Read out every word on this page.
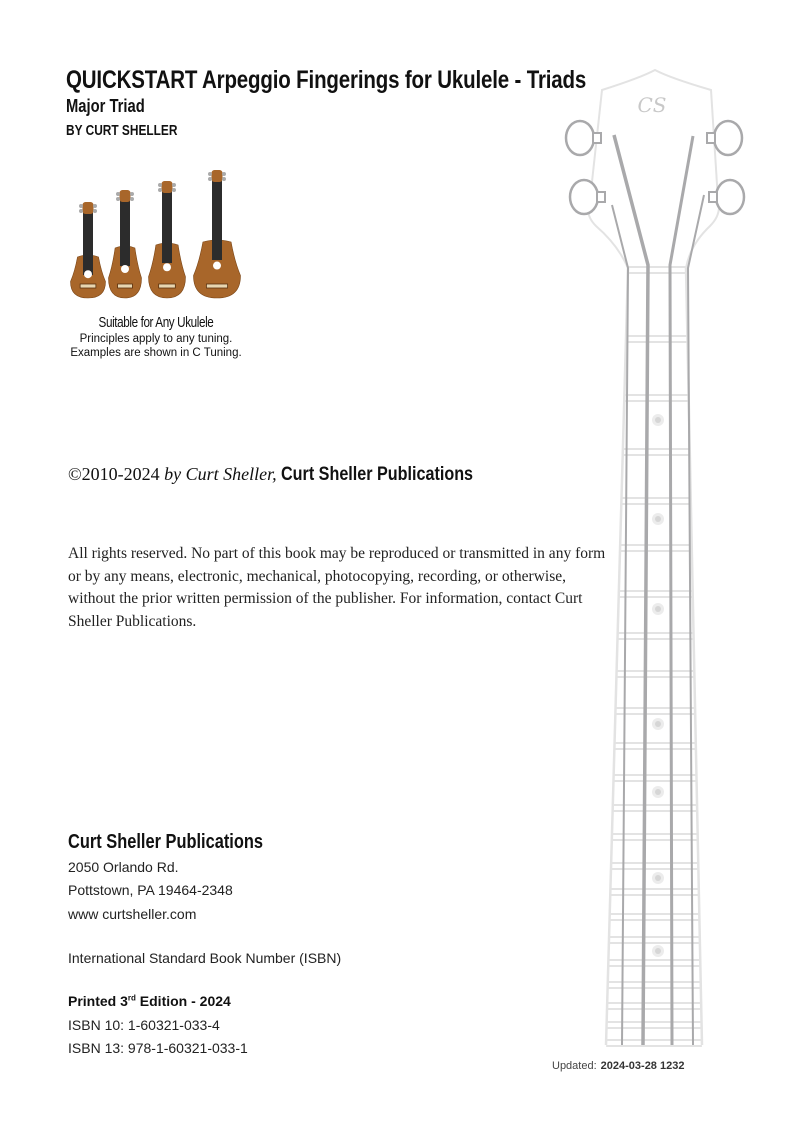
QUICKSTART Arpeggio Fingerings for Ukulele - Triads
Major Triad
BY CURT SHELLER
Suitable for Any Ukulele
Principles apply to any tuning.
Examples are shown in C Tuning.
©2010-2024 by Curt Sheller, Curt Sheller Publications
All rights reserved. No part of this book may be reproduced or transmitted in any form or by any means, electronic, mechanical, photocopying, recording, or otherwise, without the prior written permission of the publisher. For information, contact Curt Sheller Publications.
Curt Sheller Publications
2050 Orlando Rd.
Pottstown, PA 19464-2348
www curtsheller.com
International Standard Book Number (ISBN)
Printed 3rd Edition - 2024
ISBN 10: 1-60321-033-4
ISBN 13: 978-1-60321-033-1
Updated: 2024-03-28 1232
CS
